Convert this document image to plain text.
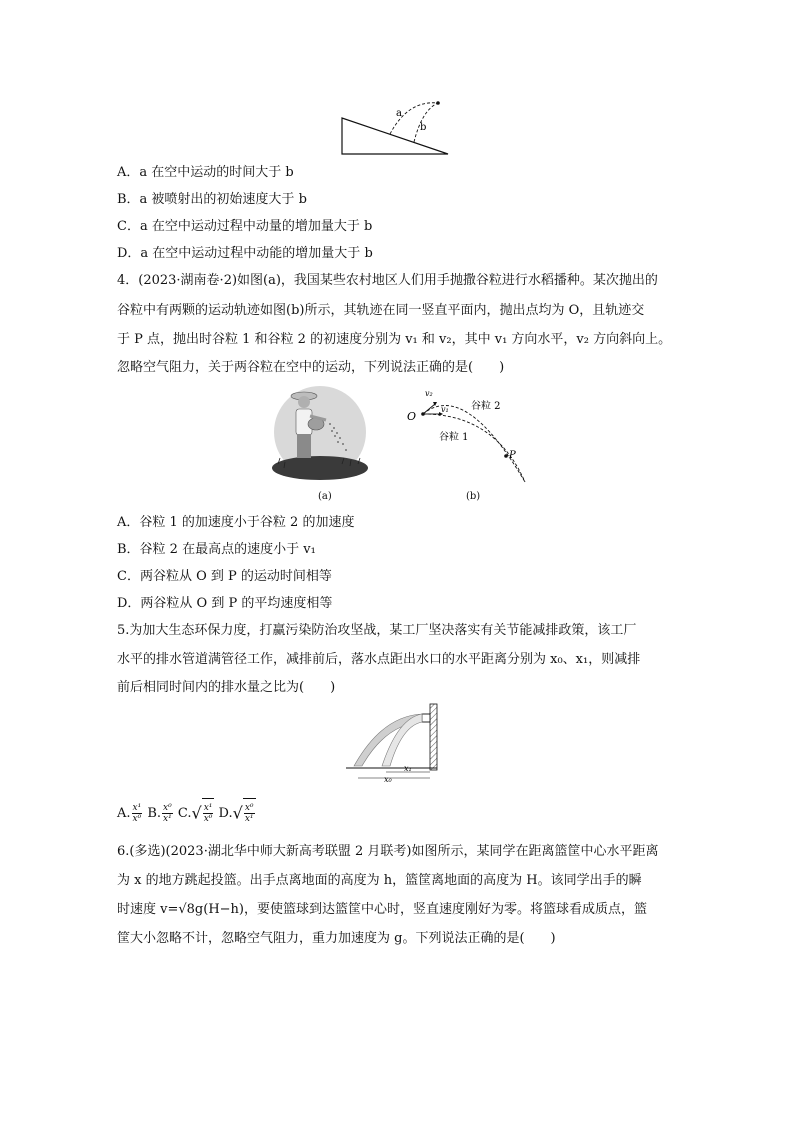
a
b
A．a 在空中运动的时间大于 b
B．a 被喷射出的初始速度大于 b
C．a 在空中运动过程中动量的增加量大于 b
D．a 在空中运动过程中动能的增加量大于 b
4．(2023·湖南卷·2)如图(a)，我国某些农村地区人们用手抛撒谷粒进行水稻播种。某次抛出的
谷粒中有两颗的运动轨迹如图(b)所示，其轨迹在同一竖直平面内，抛出点均为 O，且轨迹交
于 P 点，抛出时谷粒 1 和谷粒 2 的初速度分别为 v₁ 和 v₂，其中 v₁ 方向水平，v₂ 方向斜向上。
忽略空气阻力，关于两谷粒在空中的运动，下列说法正确的是(　　)
(a)
O
v₂
v₁ 谷粒 2
谷粒 1
P
(b)
A．谷粒 1 的加速度小于谷粒 2 的加速度
B．谷粒 2 在最高点的速度小于 v₁
C．两谷粒从 O 到 P 的运动时间相等
D．两谷粒从 O 到 P 的平均速度相等
5.为加大生态环保力度，打赢污染防治攻坚战，某工厂坚决落实有关节能减排政策，该工厂
水平的排水管道满管径工作，减排前后，落水点距出水口的水平距离分别为 x₀、x₁，则减排
前后相同时间内的排水量之比为(　　)
x₁
x₀
A. $\frac{\text{x¹}}{\text{x⁰}} B$. $\frac{\text{x⁰}}{\text{x¹}} C.√ \frac{\text{x¹}}{\text{x⁰}} D.√ \frac{\text{x⁰}}{\text{x¹}}$
6.(多选)(2023·湖北华中师大新高考联盟 2 月联考)如图所示，某同学在距离篮筐中心水平距离
为 x 的地方跳起投篮。出手点离地面的高度为 h，篮筐离地面的高度为 H。该同学出手的瞬
时速度 v=√8g(H−h)，要使篮球到达篮筐中心时，竖直速度刚好为零。将篮球看成质点，篮
筐大小忽略不计，忽略空气阻力，重力加速度为 g。下列说法正确的是(　　)
